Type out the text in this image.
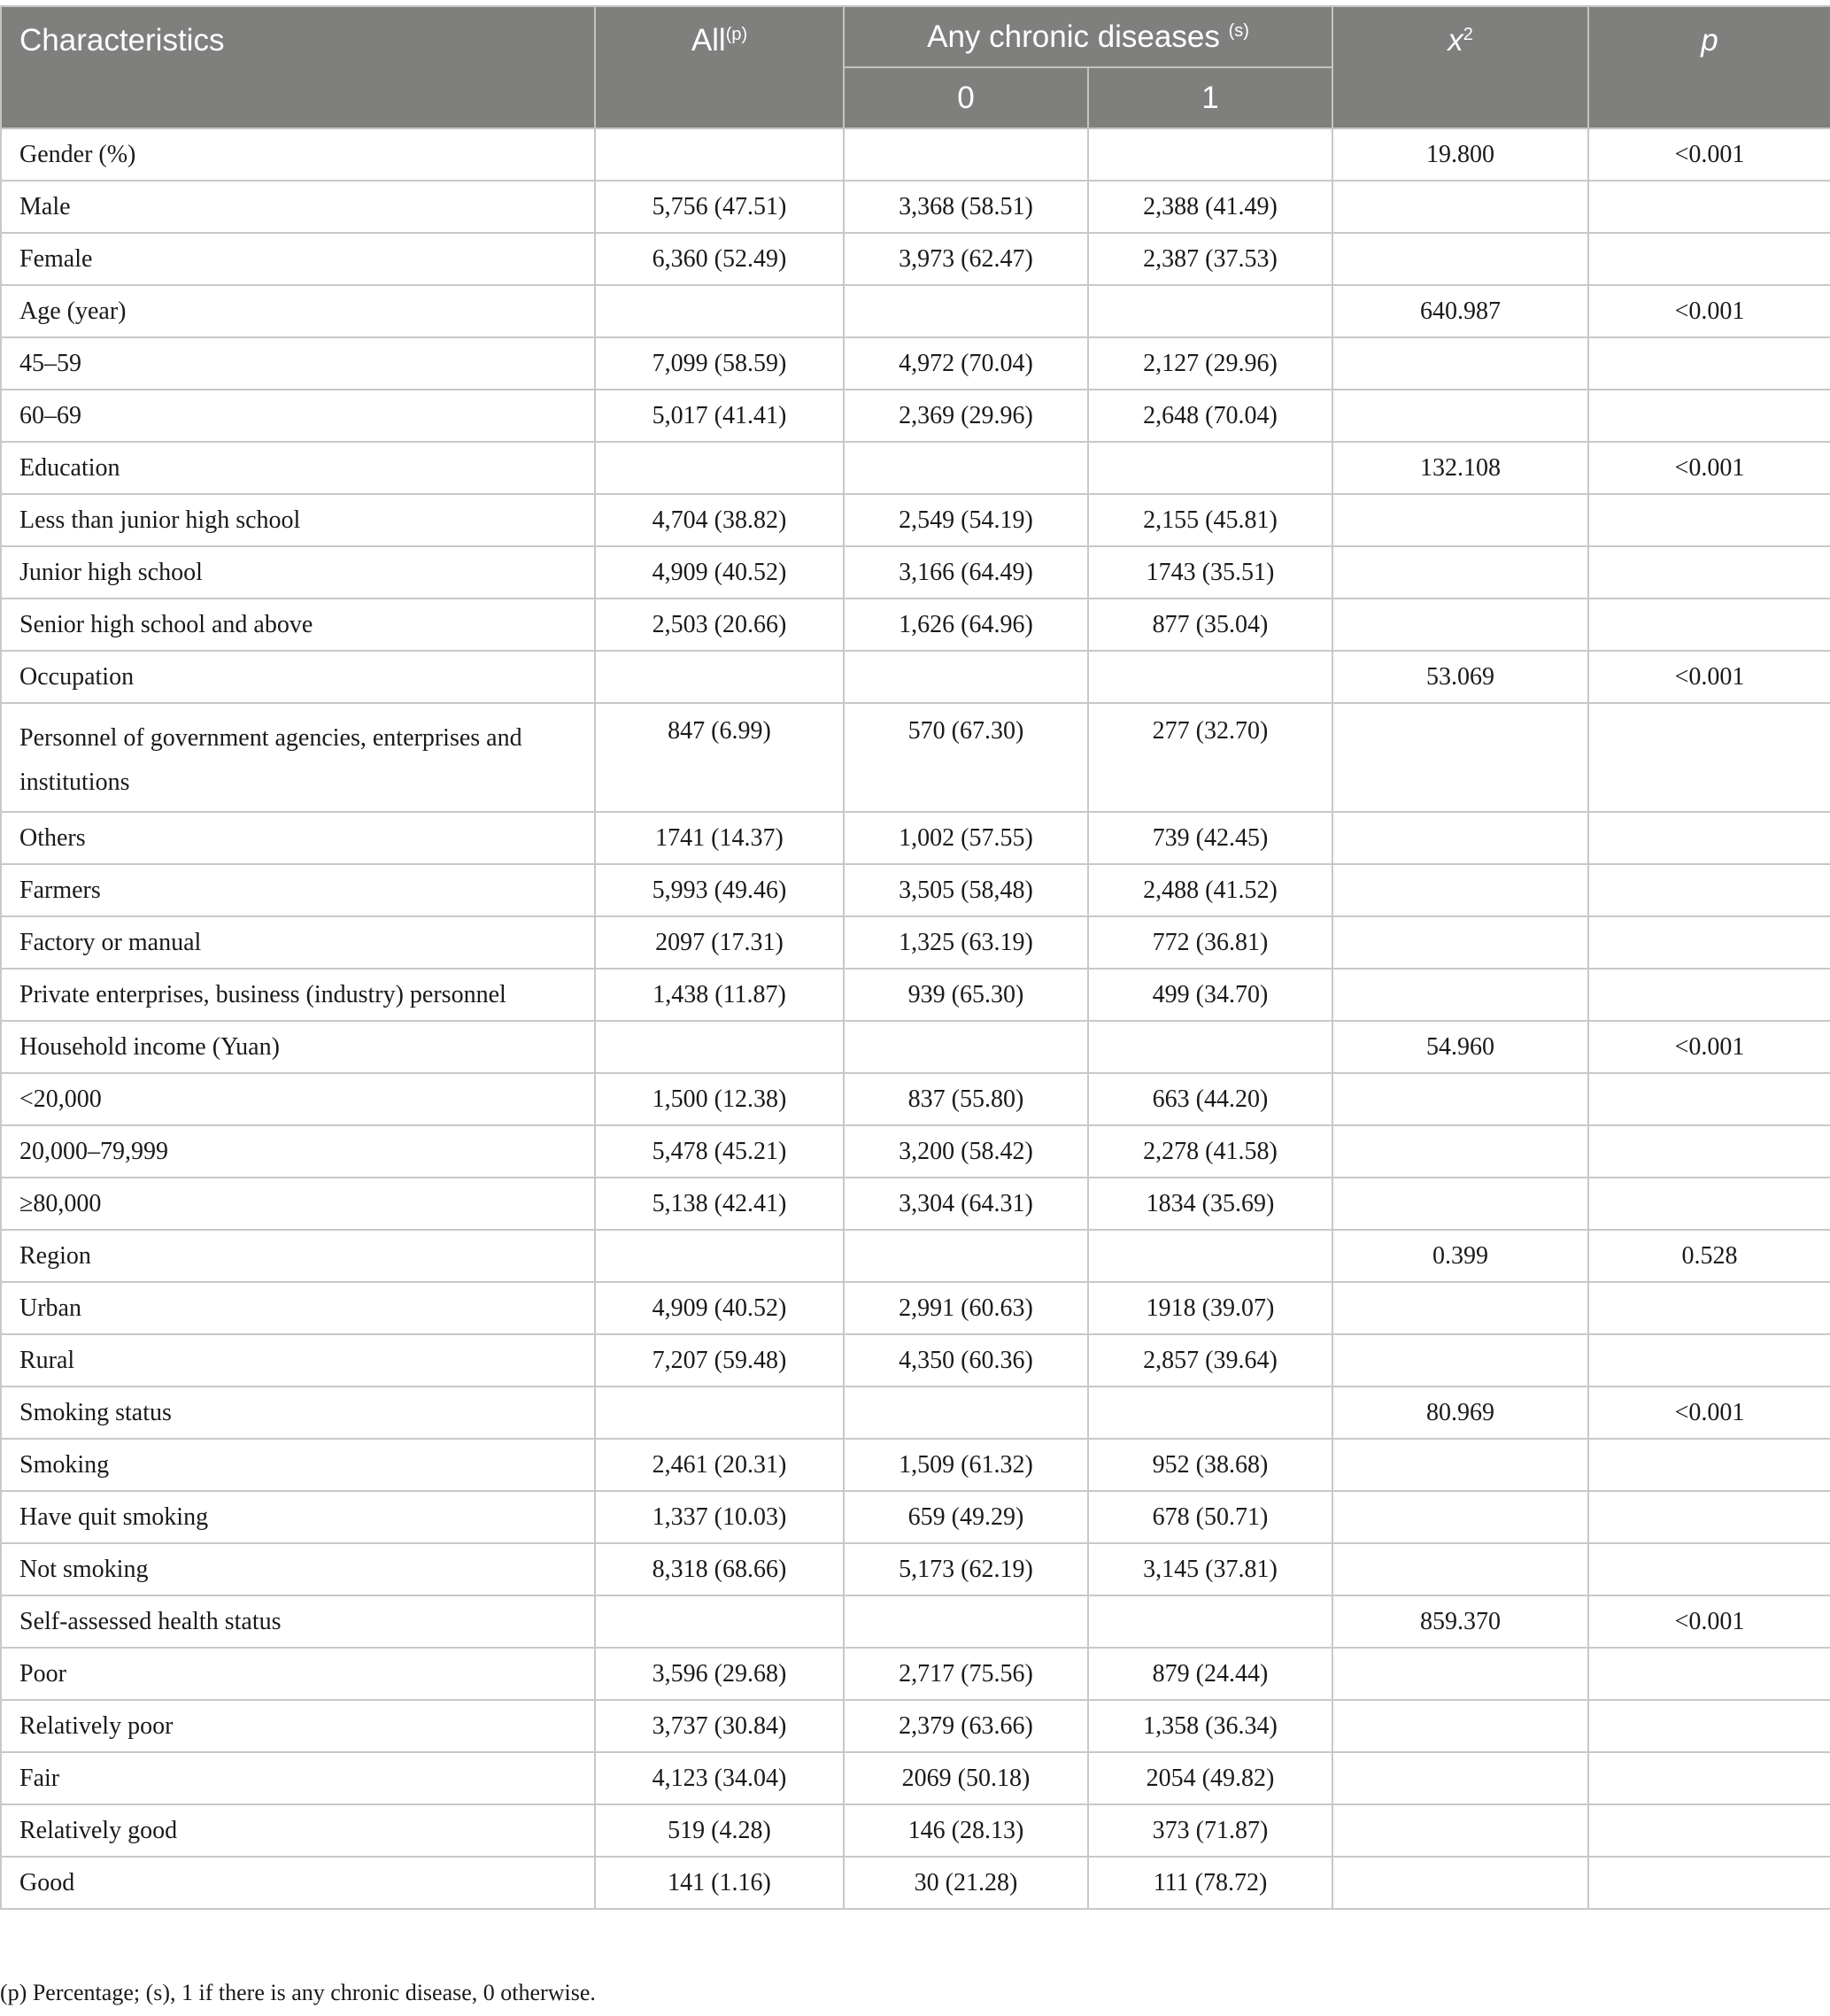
Characteristics	All$^{(p)}$	Any chronic diseases $^{(s)}$		$x^2$	p
		0	1		
Gender (%)				19.800	<0.001
Male	5,756 (47.51)	3,368 (58.51)	2,388 (41.49)		
Female	6,360 (52.49)	3,973 (62.47)	2,387 (37.53)		
Age (year)				640.987	<0.001
45–59	7,099 (58.59)	4,972 (70.04)	2,127 (29.96)		
60–69	5,017 (41.41)	2,369 (29.96)	2,648 (70.04)		
Education				132.108	<0.001
Less than junior high school	4,704 (38.82)	2,549 (54.19)	2,155 (45.81)		
Junior high school	4,909 (40.52)	3,166 (64.49)	1743 (35.51)		
Senior high school and above	2,503 (20.66)	1,626 (64.96)	877 (35.04)		
Occupation				53.069	<0.001
Personnel of government agencies, enterprises and institutions	847 (6.99)	570 (67.30)	277 (32.70)		
Others	1741 (14.37)	1,002 (57.55)	739 (42.45)		
Farmers	5,993 (49.46)	3,505 (58,48)	2,488 (41.52)		
Factory or manual	2097 (17.31)	1,325 (63.19)	772 (36.81)		
Private enterprises, business (industry) personnel	1,438 (11.87)	939 (65.30)	499 (34.70)		
Household income (Yuan)				54.960	<0.001
<20,000	1,500 (12.38)	837 (55.80)	663 (44.20)		
20,000–79,999	5,478 (45.21)	3,200 (58.42)	2,278 (41.58)		
≥80,000	5,138 (42.41)	3,304 (64.31)	1834 (35.69)		
Region				0.399	0.528
Urban	4,909 (40.52)	2,991 (60.63)	1918 (39.07)		
Rural	7,207 (59.48)	4,350 (60.36)	2,857 (39.64)		
Smoking status				80.969	<0.001
Smoking	2,461 (20.31)	1,509 (61.32)	952 (38.68)		
Have quit smoking	1,337 (10.03)	659 (49.29)	678 (50.71)		
Not smoking	8,318 (68.66)	5,173 (62.19)	3,145 (37.81)		
Self-assessed health status				859.370	<0.001
Poor	3,596 (29.68)	2,717 (75.56)	879 (24.44)		
Relatively poor	3,737 (30.84)	2,379 (63.66)	1,358 (36.34)		
Fair	4,123 (34.04)	2069 (50.18)	2054 (49.82)		
Relatively good	519 (4.28)	146 (28.13)	373 (71.87)		
Good	141 (1.16)	30 (21.28)	111 (78.72)		
(p) Percentage; (s), 1 if there is any chronic disease, 0 otherwise.
